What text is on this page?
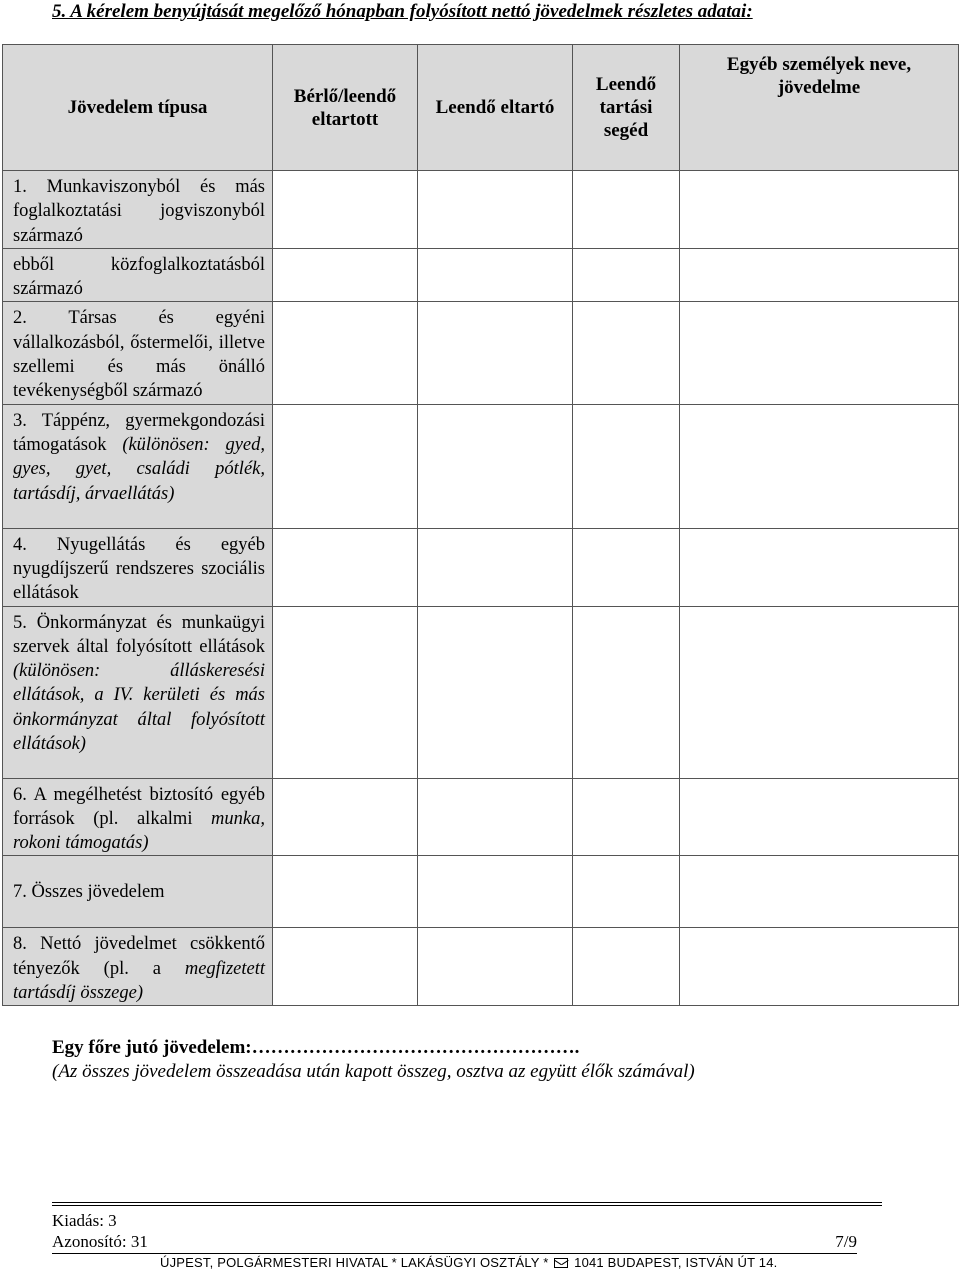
5. A kérelem benyújtását megelőző hónapban folyósított nettó jövedelmek részletes adatai:
Jövedelem típusa	Bérlő/leendő eltartott	Leendő eltartó	Leendő tartási segéd	Egyéb személyek neve, jövedelme

1. Munkaviszonyból és más foglalkoztatási jogviszonyból származó				

ebből közfoglalkoztatásból származó				

2. Társas és egyéni vállalkozásból, őstermelői, illetve szellemi és más önálló tevékenységből származó				

3. Táppénz, gyermekgondozási támogatások (különösen: gyed, gyes, gyet, családi pótlék, tartásdíj, árvaellátás)				

4. Nyugellátás és egyéb nyugdíjszerű rendszeres szociális ellátások				

5. Önkormányzat és munkaügyi szervek által folyósított ellátások (különösen: álláskeresési ellátások, a IV. kerületi és más önkormányzat által folyósított ellátások)				

6. A megélhetést biztosító egyéb források (pl. alkalmi munka, rokoni támogatás)				

7. Összes jövedelem				

8. Nettó jövedelmet csökkentő tényezők (pl. a megfizetett tartásdíj összege)				

Egy főre jutó jövedelem:…………………………………………….
(Az összes jövedelem összeadása után kapott összeg, osztva az együtt élők számával)
Kiadás: 3
Azonosító: 31	7/9
ÚJPEST, POLGÁRMESTERI HIVATAL * LAKÁSÜGYI OSZTÁLY * 1041 BUDAPEST, ISTVÁN ÚT 14.
